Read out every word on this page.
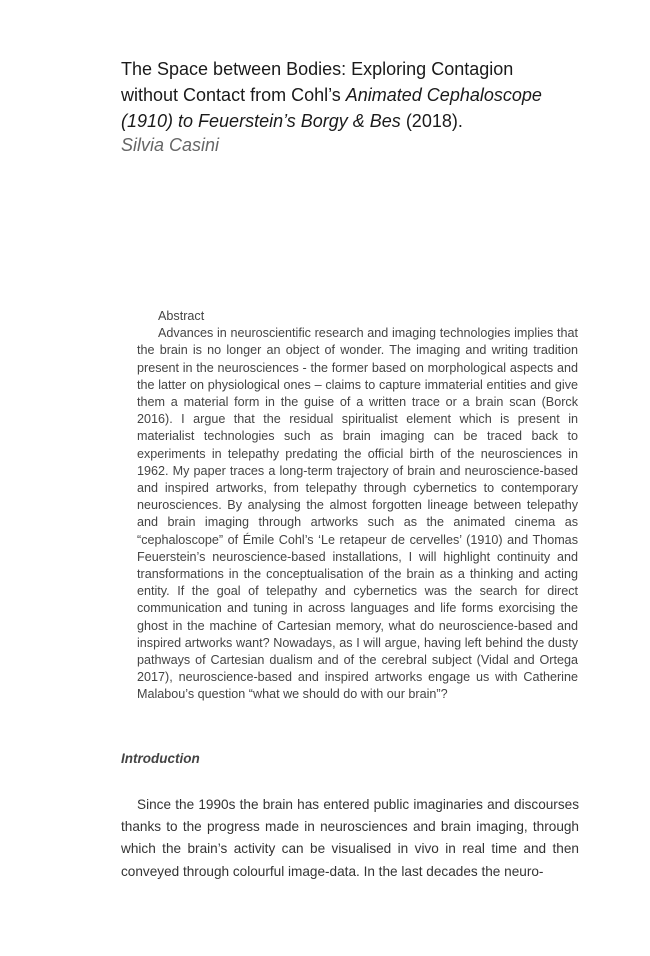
The Space between Bodies: Exploring Contagion
without Contact from Cohl’s Animated Cephaloscope
(1910) to Feuerstein’s Borgy & Bes (2018).

Silvia Casini

Abstract

Advances in neuroscientific research and imaging technologies implies that the brain is no longer an object of wonder. The imaging and writing tradition present in the neurosciences - the former based on morphological aspects and the latter on physiological ones – claims to capture immaterial entities and give them a material form in the guise of a written trace or a brain scan (Borck 2016). I argue that the residual spiritualist element which is present in materialist technologies such as brain imaging can be traced back to experiments in telepathy predating the official birth of the neurosciences in 1962. My paper traces a long-term trajectory of brain and neuroscience-based and inspired artworks, from telepathy through cybernetics to contemporary neurosciences. By analysing the almost forgotten lineage between telepathy and brain imaging through artworks such as the animated cinema as “cephaloscope” of Émile Cohl’s ‘Le retapeur de cervelles’ (1910) and Thomas Feuerstein’s neuroscience-based installations, I will highlight continuity and transformations in the conceptualisation of the brain as a thinking and acting entity. If the goal of telepathy and cybernetics was the search for direct communication and tuning in across languages and life forms exorcising the ghost in the machine of Cartesian memory, what do neuroscience-based and inspired artworks want? Nowadays, as I will argue, having left behind the dusty pathways of Cartesian dualism and of the cerebral subject (Vidal and Ortega 2017), neuroscience-based and inspired artworks engage us with Catherine Malabou’s question “what we should do with our brain”?

Introduction

Since the 1990s the brain has entered public imaginaries and discourses thanks to the progress made in neurosciences and brain imaging, through which the brain’s activity can be visualised in vivo in real time and then conveyed through colourful image-data. In the last decades the neuro-
